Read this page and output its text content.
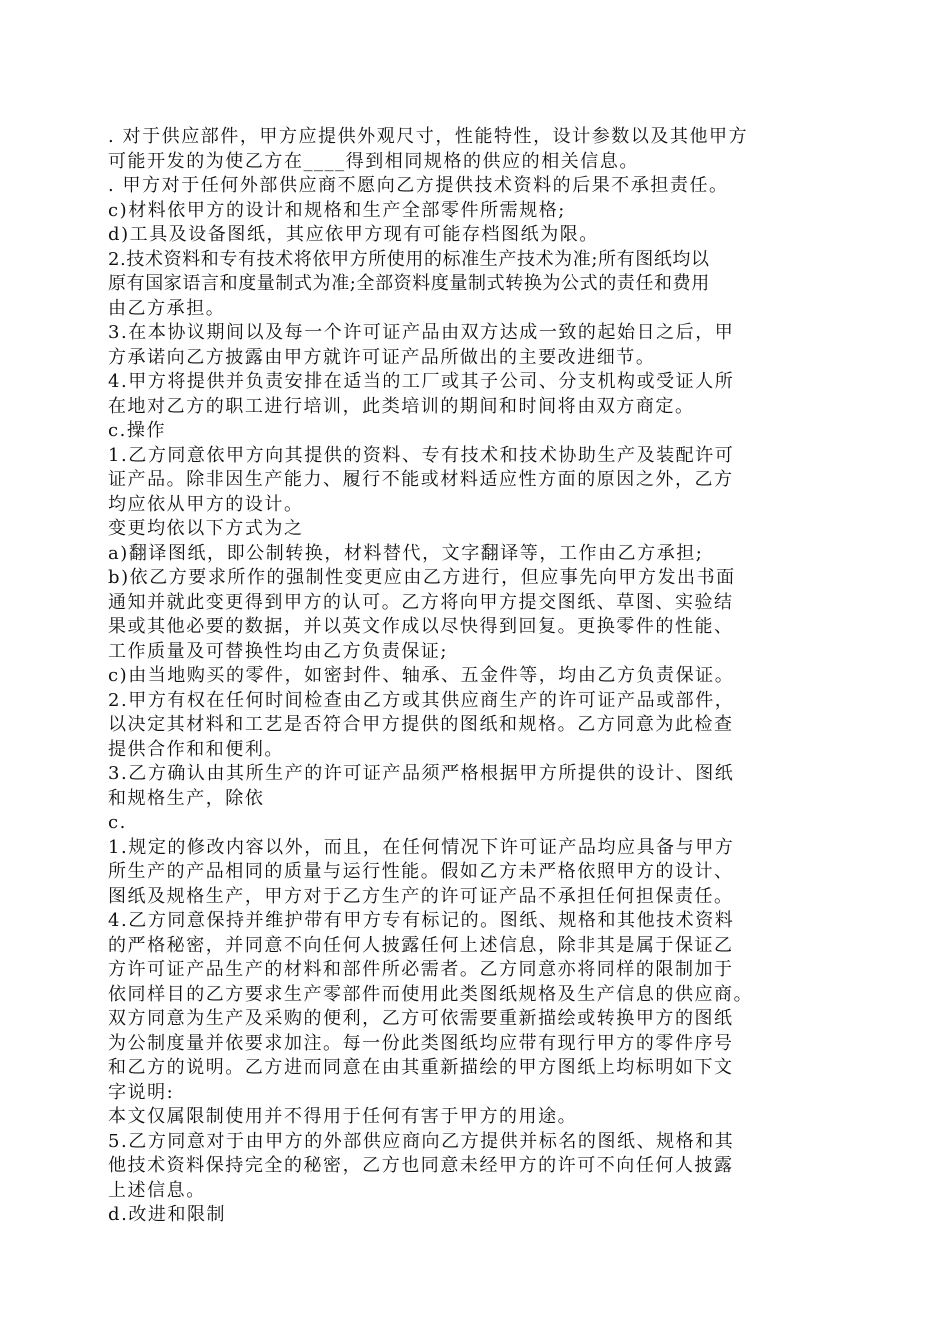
. 对于供应部件，甲方应提供外观尺寸，性能特性，设计参数以及其他甲方
可能开发的为使乙方在____得到相同规格的供应的相关信息。
. 甲方对于任何外部供应商不愿向乙方提供技术资料的后果不承担责任。
c)材料依甲方的设计和规格和生产全部零件所需规格;
d)工具及设备图纸，其应依甲方现有可能存档图纸为限。
2.技术资料和专有技术将依甲方所使用的标准生产技术为准;所有图纸均以
原有国家语言和度量制式为准;全部资料度量制式转换为公式的责任和费用
由乙方承担。
3.在本协议期间以及每一个许可证产品由双方达成一致的起始日之后，甲
方承诺向乙方披露由甲方就许可证产品所做出的主要改进细节。
4.甲方将提供并负责安排在适当的工厂或其子公司、分支机构或受证人所
在地对乙方的职工进行培训，此类培训的期间和时间将由双方商定。
c.操作
1.乙方同意依甲方向其提供的资料、专有技术和技术协助生产及装配许可
证产品。除非因生产能力、履行不能或材料适应性方面的原因之外，乙方
均应依从甲方的设计。
变更均依以下方式为之
a)翻译图纸，即公制转换，材料替代，文字翻译等，工作由乙方承担;
b)依乙方要求所作的强制性变更应由乙方进行，但应事先向甲方发出书面
通知并就此变更得到甲方的认可。乙方将向甲方提交图纸、草图、实验结
果或其他必要的数据，并以英文作成以尽快得到回复。更换零件的性能、
工作质量及可替换性均由乙方负责保证;
c)由当地购买的零件，如密封件、轴承、五金件等，均由乙方负责保证。
2.甲方有权在任何时间检查由乙方或其供应商生产的许可证产品或部件，
以决定其材料和工艺是否符合甲方提供的图纸和规格。乙方同意为此检查
提供合作和和便利。
3.乙方确认由其所生产的许可证产品须严格根据甲方所提供的设计、图纸
和规格生产，除依
c.
1.规定的修改内容以外，而且，在任何情况下许可证产品均应具备与甲方
所生产的产品相同的质量与运行性能。假如乙方未严格依照甲方的设计、
图纸及规格生产，甲方对于乙方生产的许可证产品不承担任何担保责任。
4.乙方同意保持并维护带有甲方专有标记的。图纸、规格和其他技术资料
的严格秘密，并同意不向任何人披露任何上述信息，除非其是属于保证乙
方许可证产品生产的材料和部件所必需者。乙方同意亦将同样的限制加于
依同样目的乙方要求生产零部件而使用此类图纸规格及生产信息的供应商。
双方同意为生产及采购的便利，乙方可依需要重新描绘或转换甲方的图纸
为公制度量并依要求加注。每一份此类图纸均应带有现行甲方的零件序号
和乙方的说明。乙方进而同意在由其重新描绘的甲方图纸上均标明如下文
字说明:
本文仅属限制使用并不得用于任何有害于甲方的用途。
5.乙方同意对于由甲方的外部供应商向乙方提供并标名的图纸、规格和其
他技术资料保持完全的秘密，乙方也同意未经甲方的许可不向任何人披露
上述信息。
d.改进和限制
